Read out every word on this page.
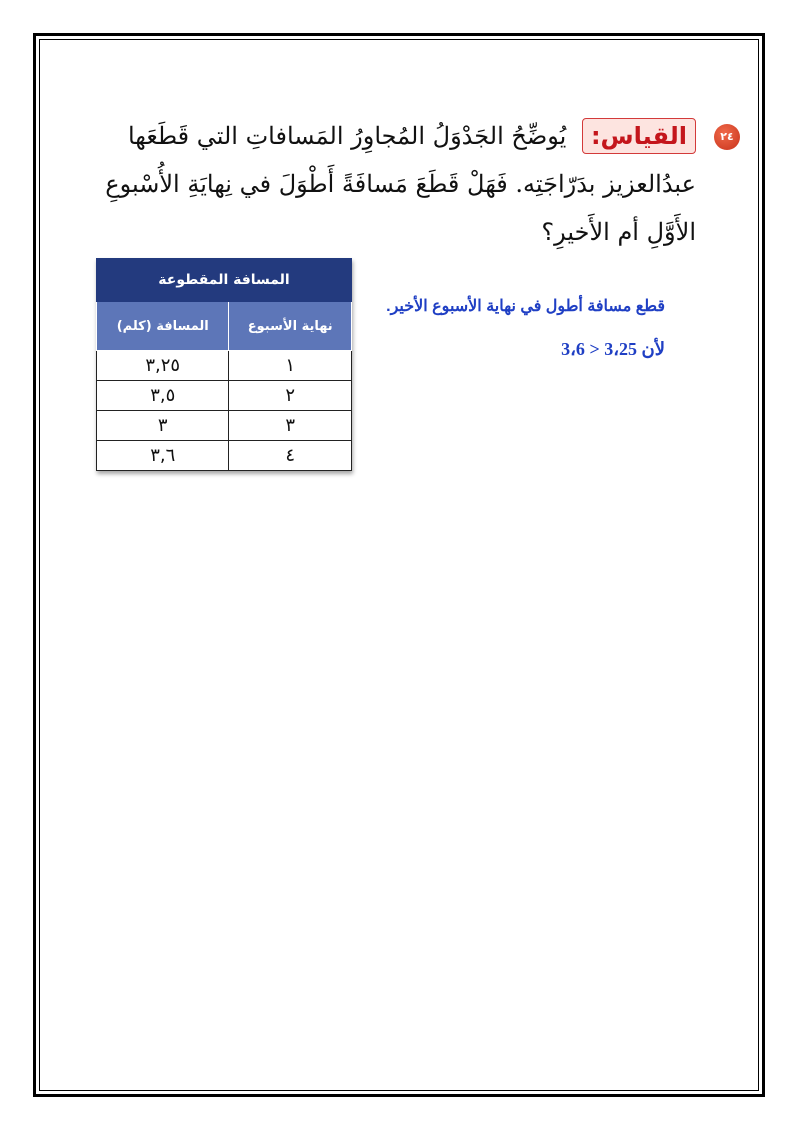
٢٤
القياس: يُوضِّحُ الجَدْوَلُ المُجاوِرُ المَسافاتِ التي قَطَعَها عبدُالعزيز بدَرّاجَتِه. فَهَلْ قَطَعَ مَسافَةً أَطْوَلَ في نِهايَةِ الأُسْبوعِ الأَوَّلِ أم الأَخيرِ؟
المسافة المقطوعة	
نهاية الأسبوع	المسافة (كلم)
١	٣,٢٥
٢	٣,٥
٣	٣
٤	٣,٦

قطع مسافة أطول في نهاية الأسبوع الأخير.

لأن 3،25 < 3،6
